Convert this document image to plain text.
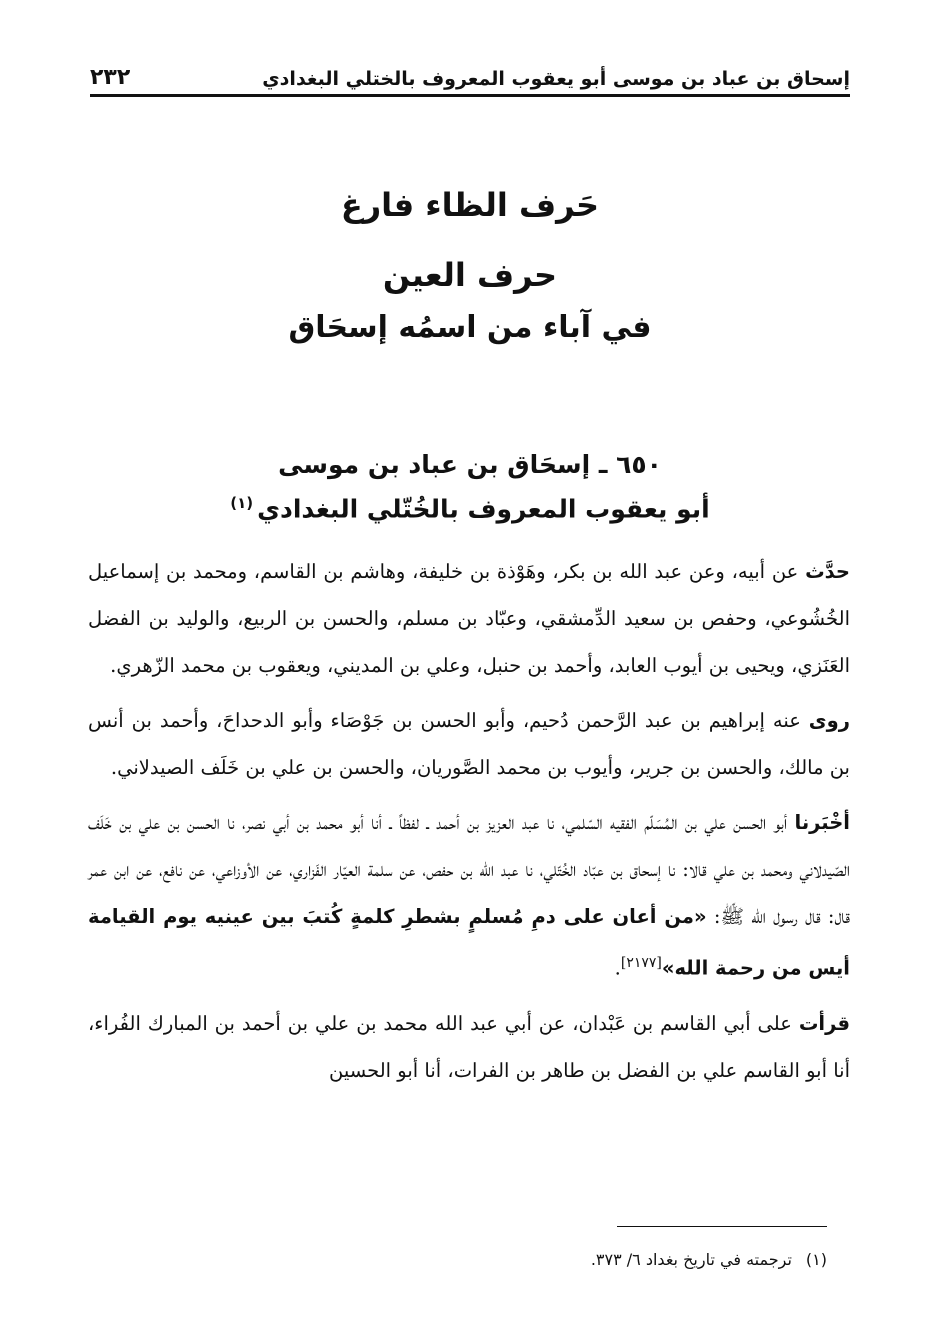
إسحاق بن عباد بن موسى أبو يعقوب المعروف بالختلي البغدادي
٢٣٢
حَرف الظاء فارغ
حرف العين
في آباء من اسمُه إسحَاق
٦٥٠ ـ إسحَاق بن عباد بن موسى
أبو يعقوب المعروف بالخُتّلي البغدادي$^{(١)}$

حدَّث عن أبيه، وعن عبد الله بن بكر، وهَوْذة بن خليفة، وهاشم بن القاسم، ومحمد بن إسماعيل الخُشُوعي، وحفص بن سعيد الدِّمشقي، وعبّاد بن مسلم، والحسن بن الربيع، والوليد بن الفضل العَنَزي، ويحيى بن أيوب العابد، وأحمد بن حنبل، وعلي بن المديني، ويعقوب بن محمد الزّهري.

روى عنه إبراهيم بن عبد الرَّحمن دُحيم، وأبو الحسن بن جَوْصَاء وأبو الدحداحَ، وأحمد بن أنس بن مالك، والحسن بن جرير، وأيوب بن محمد الصَّوريان، والحسن بن علي بن خَلَف الصيدلاني.

أخْبَرنا أبو الحسن علي بن المُسَلّم الفقيه السّلمي، نا عبد العزيز بن أحمد ـ لفظاً ـ أنا أبو محمد بن أبي نصر، نا الحسن بن علي بن خَلَف الصّيدلاني ومحمد بن علي قالا: نا إسحاق بن عبّاد الخُتّلي، نا عبد الله بن حفص، عن سلمة العيّار الفَزاري، عن الأوزاعي، عن نافع، عن ابن عمر قال: قال رسول الله ﷺ: «من أعان على دمِ مُسلمٍ بشطرِ كلمةٍ كُتبَ بين عينيه يوم القيامة أيس من رحمة الله»[٢١٧٧].

قرأت على أبي القاسم بن عَبْدان، عن أبي عبد الله محمد بن علي بن أحمد بن المبارك الفُراء، أنا أبو القاسم علي بن الفضل بن طاهر بن الفرات، أنا أبو الحسين

(١)ترجمته في تاريخ بغداد ٦/ ٣٧٣.
